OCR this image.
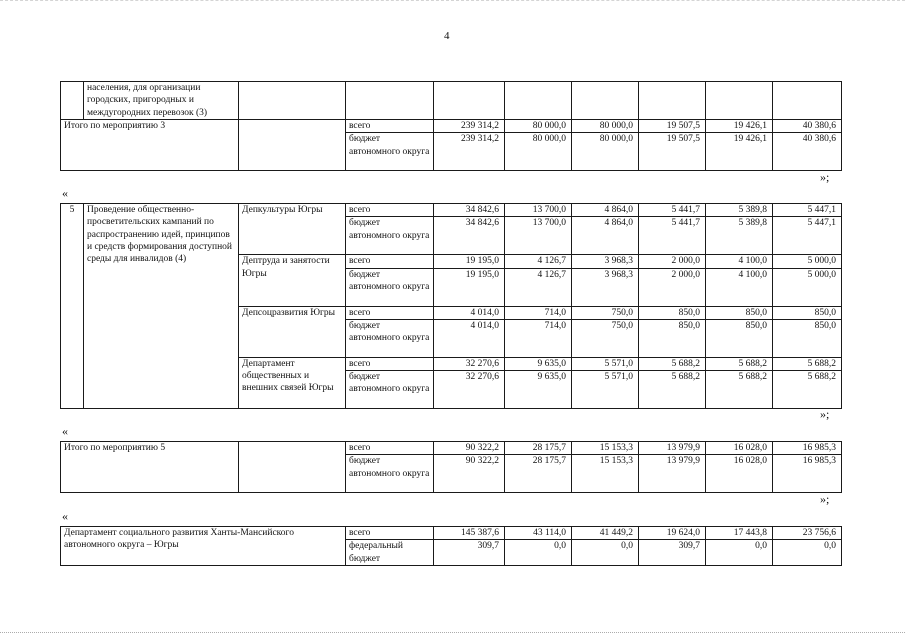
4
	населения, для организации городских, пригородных и междугородних перевозок (3)								
Итого по мероприятию 3			всего	239 314,2	80 000,0	80 000,0	19 507,5	19 426,1	40 380,6
			бюджет автономного округа	239 314,2	80 000,0	80 000,0	19 507,5	19 426,1	40 380,6
»;
«
5	Проведение общественно-просветительских кампаний по распространению идей, принципов и средств формирования доступной среды для инвалидов (4)	Депкультуры Югры	всего	34 842,6	13 700,0	4 864,0	5 441,7	5 389,8	5 447,1
			бюджет автономного округа	34 842,6	13 700,0	4 864,0	5 441,7	5 389,8	5 447,1
		Дептруда и занятости Югры	всего	19 195,0	4 126,7	3 968,3	2 000,0	4 100,0	5 000,0
			бюджет автономного округа	19 195,0	4 126,7	3 968,3	2 000,0	4 100,0	5 000,0
		Депсоцразвития Югры	всего	4 014,0	714,0	750,0	850,0	850,0	850,0
			бюджет автономного округа	4 014,0	714,0	750,0	850,0	850,0	850,0
		Департамент общественных и внешних связей Югры	всего	32 270,6	9 635,0	5 571,0	5 688,2	5 688,2	5 688,2
			бюджет автономного округа	32 270,6	9 635,0	5 571,0	5 688,2	5 688,2	5 688,2
»;
«
Итого по мероприятию 5		всего	90 322,2	28 175,7	15 153,3	13 979,9	16 028,0	16 985,3
		бюджет автономного округа	90 322,2	28 175,7	15 153,3	13 979,9	16 028,0	16 985,3
»;
«
Департамент социального развития Ханты-Мансийского автономного округа – Югры	всего	145 387,6	43 114,0	41 449,2	19 624,0	17 443,8	23 756,6
	федеральный бюджет	309,7	0,0	0,0	309,7	0,0	0,0
